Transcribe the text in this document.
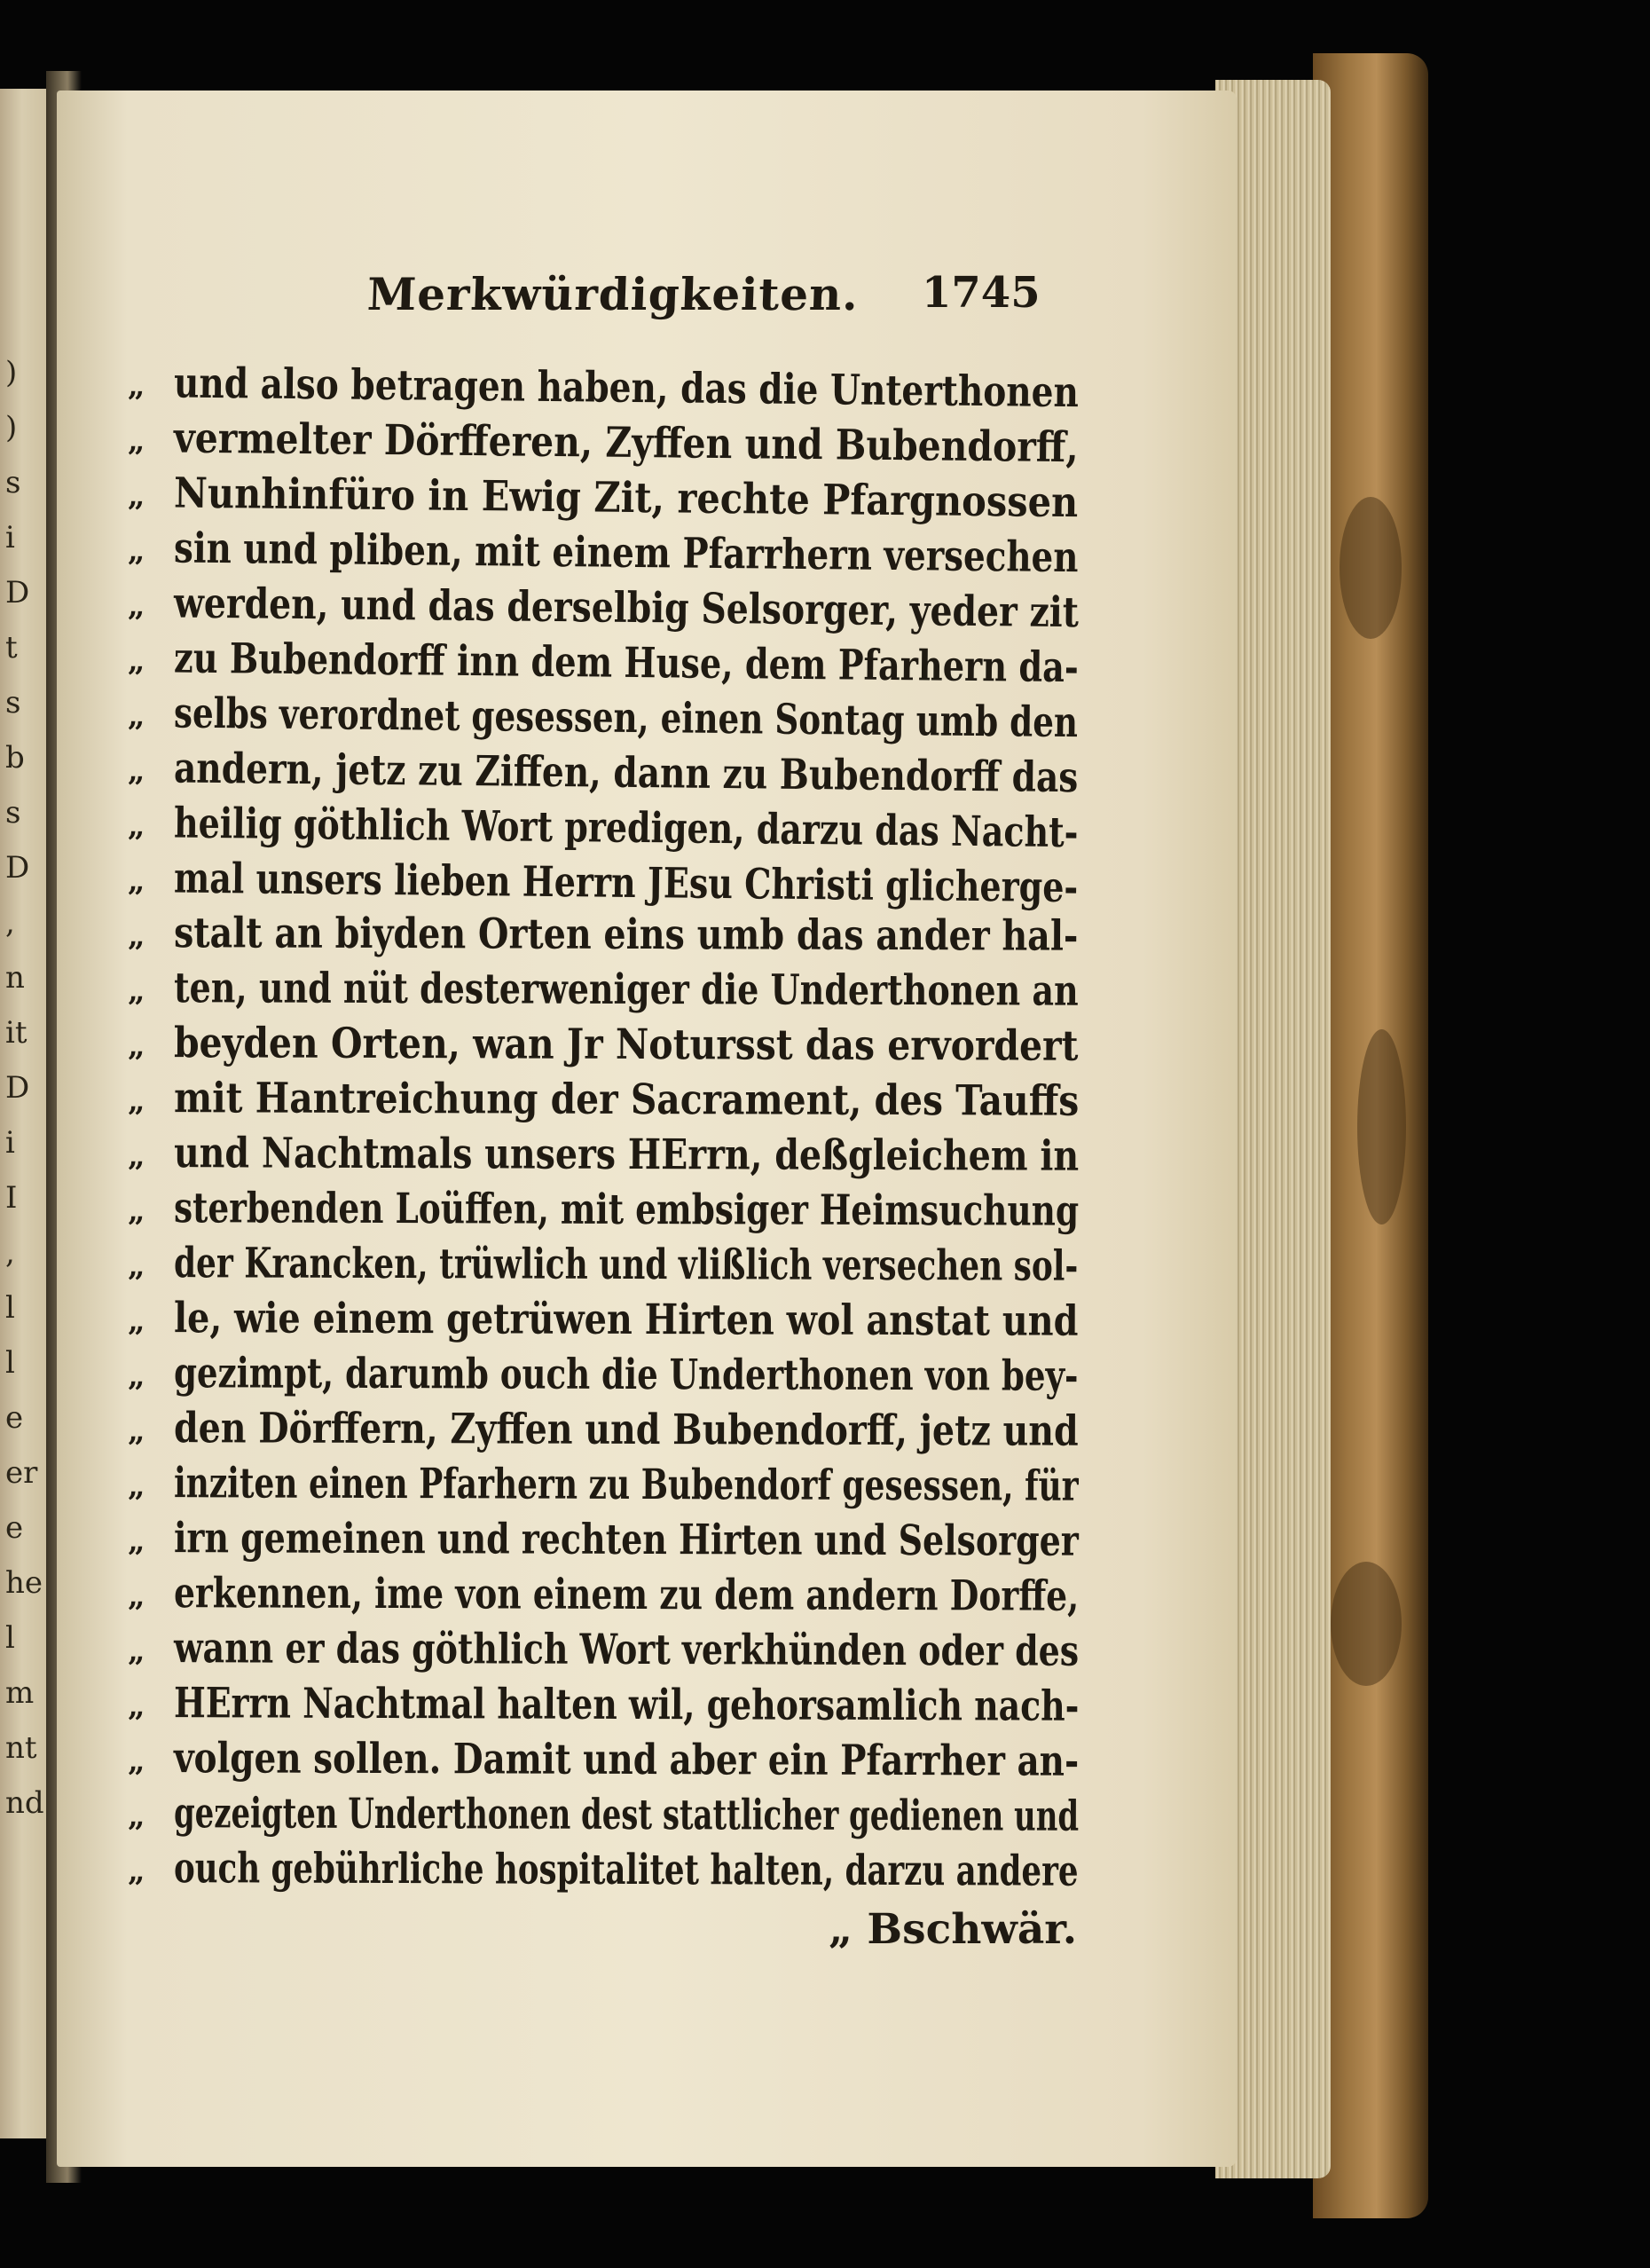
)
)
s
i
D
t
s
b
s
D
,
n
it
D
i
I
,
l
l
e
er
e
he
l
m
nt
nd
Merkwürdigkeiten. 1745
„ und also betragen haben, das die Unterthonen
„ vermelter Dörfferen, Zyffen und Bubendorff,
„ Nunhinfüro in Ewig Zit, rechte Pfargnossen
„ sin und pliben, mit einem Pfarrhern versechen
„ werden, und das derselbig Selsorger, yeder zit
„ zu Bubendorff inn dem Huse, dem Pfarhern da-
„ selbs verordnet gesessen, einen Sontag umb den
„ andern, jetz zu Ziffen, dann zu Bubendorff das
„ heilig göthlich Wort predigen, darzu das Nacht-
„ mal unsers lieben Herrn JEsu Christi glicherge-
„ stalt an biyden Orten eins umb das ander hal-
„ ten, und nüt desterweniger die Underthonen an
„ beyden Orten, wan Jr Notursst das ervordert
„ mit Hantreichung der Sacrament, des Tauffs
„ und Nachtmals unsers HErrn, deßgleichem in
„ sterbenden Loüffen, mit embsiger Heimsuchung
„ der Krancken, trüwlich und vlißlich versechen sol-
„ le, wie einem getrüwen Hirten wol anstat und
„ gezimpt, darumb ouch die Underthonen von bey-
„ den Dörffern, Zyffen und Bubendorff, jetz und
„ inziten einen Pfarhern zu Bubendorf gesessen, für
„ irn gemeinen und rechten Hirten und Selsorger
„ erkennen, ime von einem zu dem andern Dorffe,
„ wann er das göthlich Wort verkhünden oder des
„ HErrn Nachtmal halten wil, gehorsamlich nach-
„ volgen sollen. Damit und aber ein Pfarrher an-
„ gezeigten Underthonen dest stattlicher gedienen und
„ ouch gebührliche hospitalitet halten, darzu andere
„ Bschwär.
